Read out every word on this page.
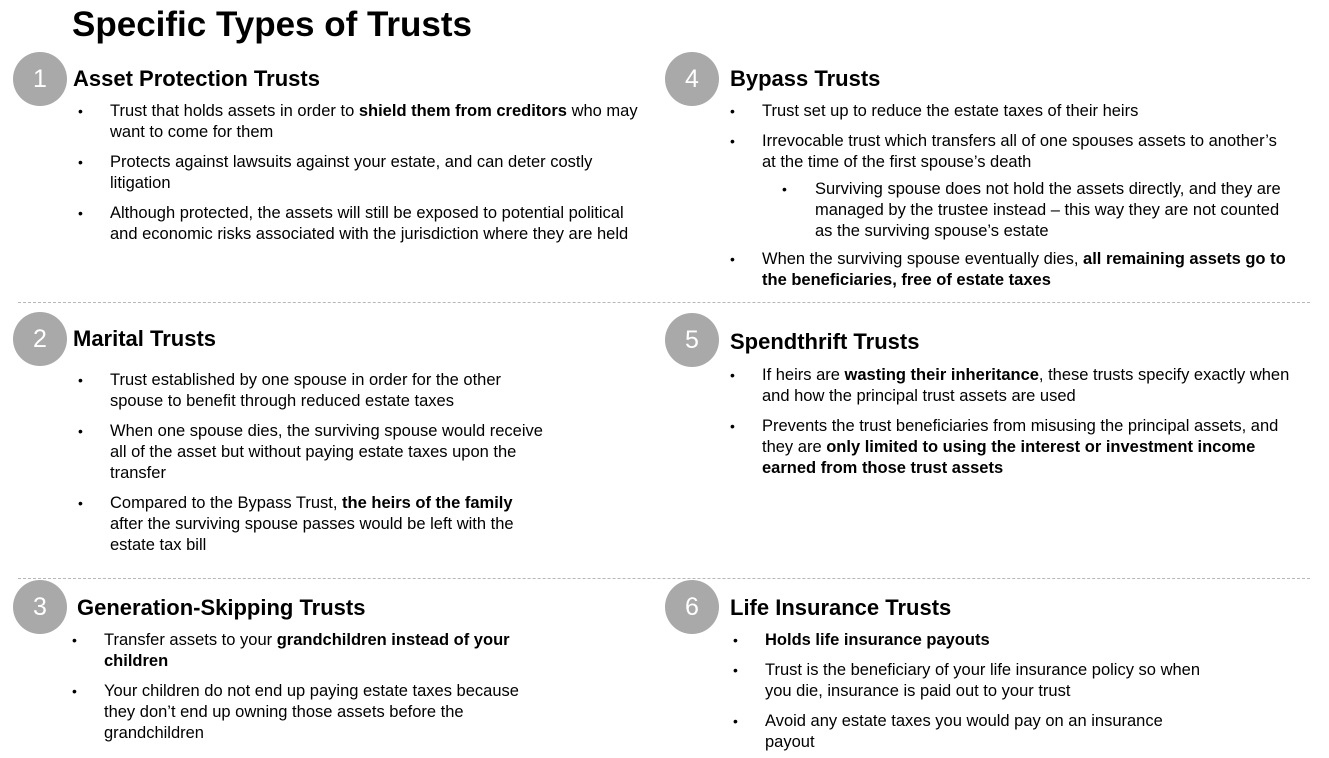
Specific Types of Trusts
1	Asset Protection Trusts
• Trust that holds assets in order to shield them from creditors who may want to come for them
• Protects against lawsuits against your estate, and can deter costly litigation
• Although protected, the assets will still be exposed to potential political and economic risks associated with the jurisdiction where they are held
2	Marital Trusts
• Trust established by one spouse in order for the other spouse to benefit through reduced estate taxes
• When one spouse dies, the surviving spouse would receive all of the asset but without paying estate taxes upon the transfer
• Compared to the Bypass Trust, the heirs of the family after the surviving spouse passes would be left with the estate tax bill
3	Generation-Skipping Trusts
• Transfer assets to your grandchildren instead of your children
• Your children do not end up paying estate taxes because they don’t end up owning those assets before the grandchildren
4	Bypass Trusts
• Trust set up to reduce the estate taxes of their heirs
• Irrevocable trust which transfers all of one spouses assets to another’s at the time of the first spouse’s death
• Surviving spouse does not hold the assets directly, and they are managed by the trustee instead – this way they are not counted as the surviving spouse’s estate
• When the surviving spouse eventually dies, all remaining assets go to the beneficiaries, free of estate taxes
5	Spendthrift Trusts
• If heirs are wasting their inheritance, these trusts specify exactly when and how the principal trust assets are used
• Prevents the trust beneficiaries from misusing the principal assets, and they are only limited to using the interest or investment income earned from those trust assets
6	Life Insurance Trusts
• Holds life insurance payouts
• Trust is the beneficiary of your life insurance policy so when you die, insurance is paid out to your trust
• Avoid any estate taxes you would pay on an insurance payout
